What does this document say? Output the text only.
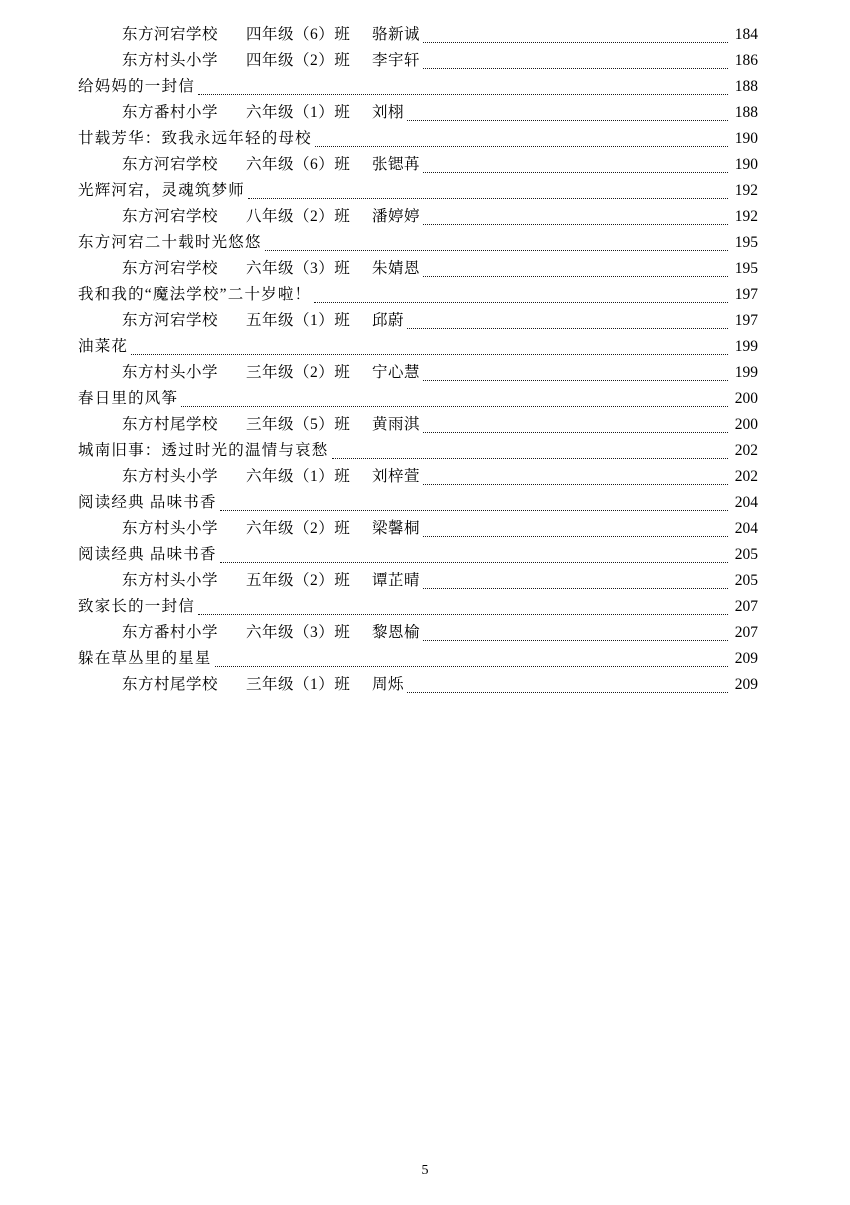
东方河宕学校	四年级（6）班	骆新诚	184
东方村头小学	四年级（2）班	李宇轩	186
给妈妈的一封信	188
东方番村小学	六年级（1）班	刘栩	188
廿载芳华：致我永远年轻的母校	190
东方河宕学校	六年级（6）班	张锶苒	190
光辉河宕，灵魂筑梦师	192
东方河宕学校	八年级（2）班	潘婷婷	192
东方河宕二十载时光悠悠	195
东方河宕学校	六年级（3）班	朱婧恩	195
我和我的“魔法学校”二十岁啦！	197
东方河宕学校	五年级（1）班	邱蔚	197
油菜花	199
东方村头小学	三年级（2）班	宁心慧	199
春日里的风筝	200
东方村尾学校	三年级（5）班	黄雨淇	200
城南旧事：透过时光的温情与哀愁	202
东方村头小学	六年级（1）班	刘梓萱	202
阅读经典 品味书香	204
东方村头小学	六年级（2）班	梁馨桐	204
阅读经典 品味书香	205
东方村头小学	五年级（2）班	谭芷晴	205
致家长的一封信	207
东方番村小学	六年级（3）班	黎恩榆	207
躲在草丛里的星星	209
东方村尾学校	三年级（1）班	周烁	209
5
